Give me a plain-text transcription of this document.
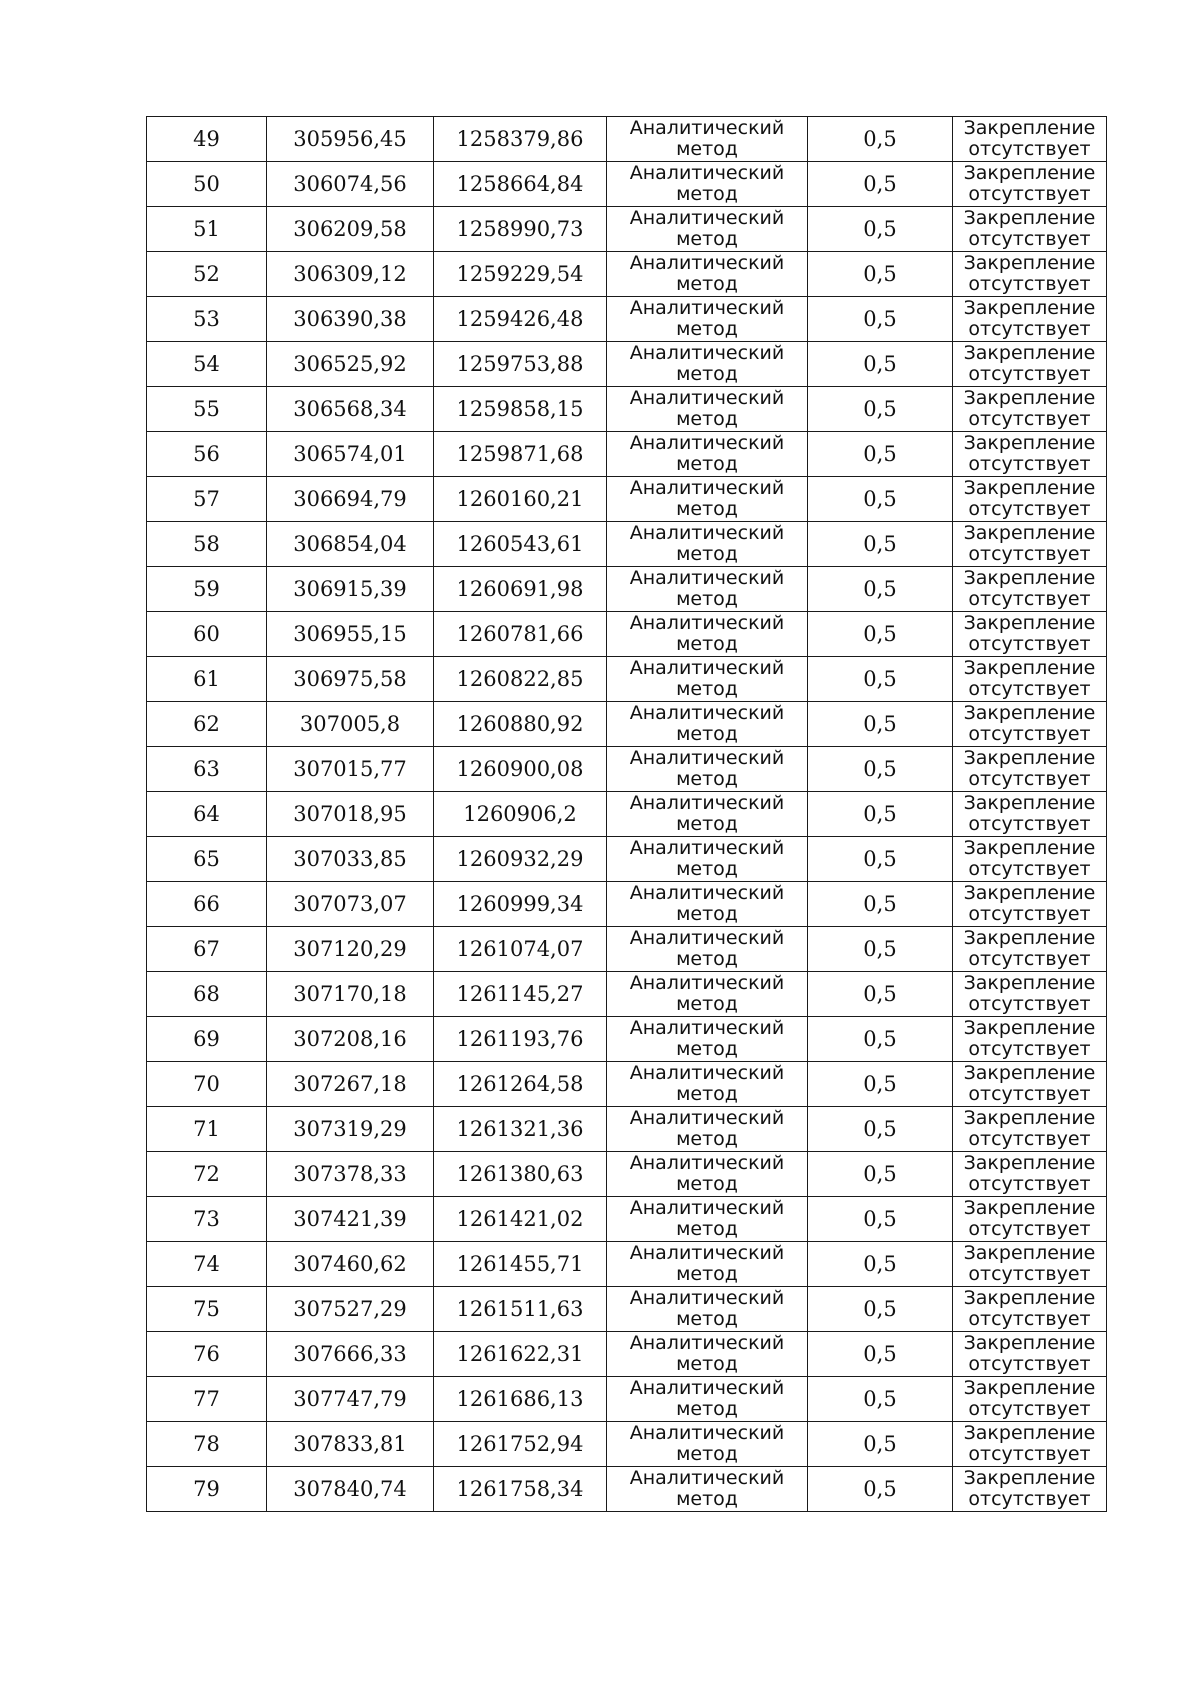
49	305956,45	1258379,86	Аналитический
метод	0,5	Закрепление
отсутствует

50	306074,56	1258664,84	Аналитический
метод	0,5	Закрепление
отсутствует

51	306209,58	1258990,73	Аналитический
метод	0,5	Закрепление
отсутствует

52	306309,12	1259229,54	Аналитический
метод	0,5	Закрепление
отсутствует

53	306390,38	1259426,48	Аналитический
метод	0,5	Закрепление
отсутствует

54	306525,92	1259753,88	Аналитический
метод	0,5	Закрепление
отсутствует

55	306568,34	1259858,15	Аналитический
метод	0,5	Закрепление
отсутствует

56	306574,01	1259871,68	Аналитический
метод	0,5	Закрепление
отсутствует

57	306694,79	1260160,21	Аналитический
метод	0,5	Закрепление
отсутствует

58	306854,04	1260543,61	Аналитический
метод	0,5	Закрепление
отсутствует

59	306915,39	1260691,98	Аналитический
метод	0,5	Закрепление
отсутствует

60	306955,15	1260781,66	Аналитический
метод	0,5	Закрепление
отсутствует

61	306975,58	1260822,85	Аналитический
метод	0,5	Закрепление
отсутствует

62	307005,8	1260880,92	Аналитический
метод	0,5	Закрепление
отсутствует

63	307015,77	1260900,08	Аналитический
метод	0,5	Закрепление
отсутствует

64	307018,95	1260906,2	Аналитический
метод	0,5	Закрепление
отсутствует

65	307033,85	1260932,29	Аналитический
метод	0,5	Закрепление
отсутствует

66	307073,07	1260999,34	Аналитический
метод	0,5	Закрепление
отсутствует

67	307120,29	1261074,07	Аналитический
метод	0,5	Закрепление
отсутствует

68	307170,18	1261145,27	Аналитический
метод	0,5	Закрепление
отсутствует

69	307208,16	1261193,76	Аналитический
метод	0,5	Закрепление
отсутствует

70	307267,18	1261264,58	Аналитический
метод	0,5	Закрепление
отсутствует

71	307319,29	1261321,36	Аналитический
метод	0,5	Закрепление
отсутствует

72	307378,33	1261380,63	Аналитический
метод	0,5	Закрепление
отсутствует

73	307421,39	1261421,02	Аналитический
метод	0,5	Закрепление
отсутствует

74	307460,62	1261455,71	Аналитический
метод	0,5	Закрепление
отсутствует

75	307527,29	1261511,63	Аналитический
метод	0,5	Закрепление
отсутствует

76	307666,33	1261622,31	Аналитический
метод	0,5	Закрепление
отсутствует

77	307747,79	1261686,13	Аналитический
метод	0,5	Закрепление
отсутствует

78	307833,81	1261752,94	Аналитический
метод	0,5	Закрепление
отсутствует

79	307840,74	1261758,34	Аналитический
метод	0,5	Закрепление
отсутствует
